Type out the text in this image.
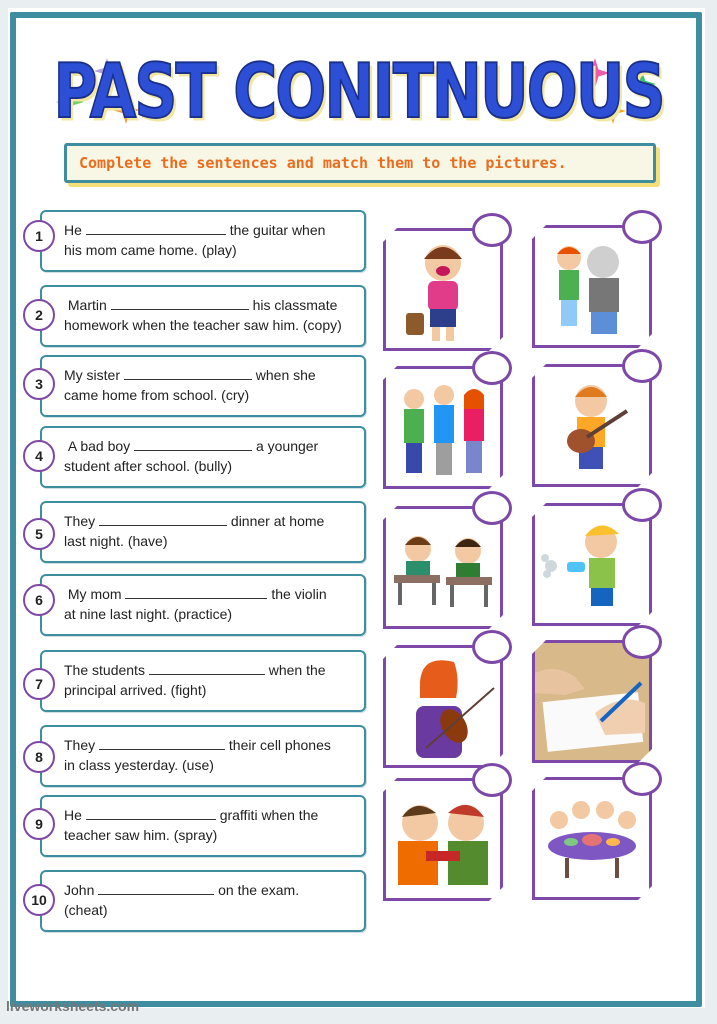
PAST CONITNUOUS
Complete the sentences and match them to the pictures.
He	the guitar when
his mom came home. (play)
1
Martin	his classmate
homework when the teacher saw him. (copy)
2
My sister	when she
came home from school. (cry)
3
A bad boy	a younger
student after school. (bully)
4
They	dinner at home
last night. (have)
5
My mom	the violin
at nine last night. (practice)
6
The students	when the
principal arrived. (fight)
7
They	their cell phones
in class yesterday. (use)
8
He	graffiti when the
teacher saw him. (spray)
9
John	on the exam.
(cheat)
10
liveworksheets.com
